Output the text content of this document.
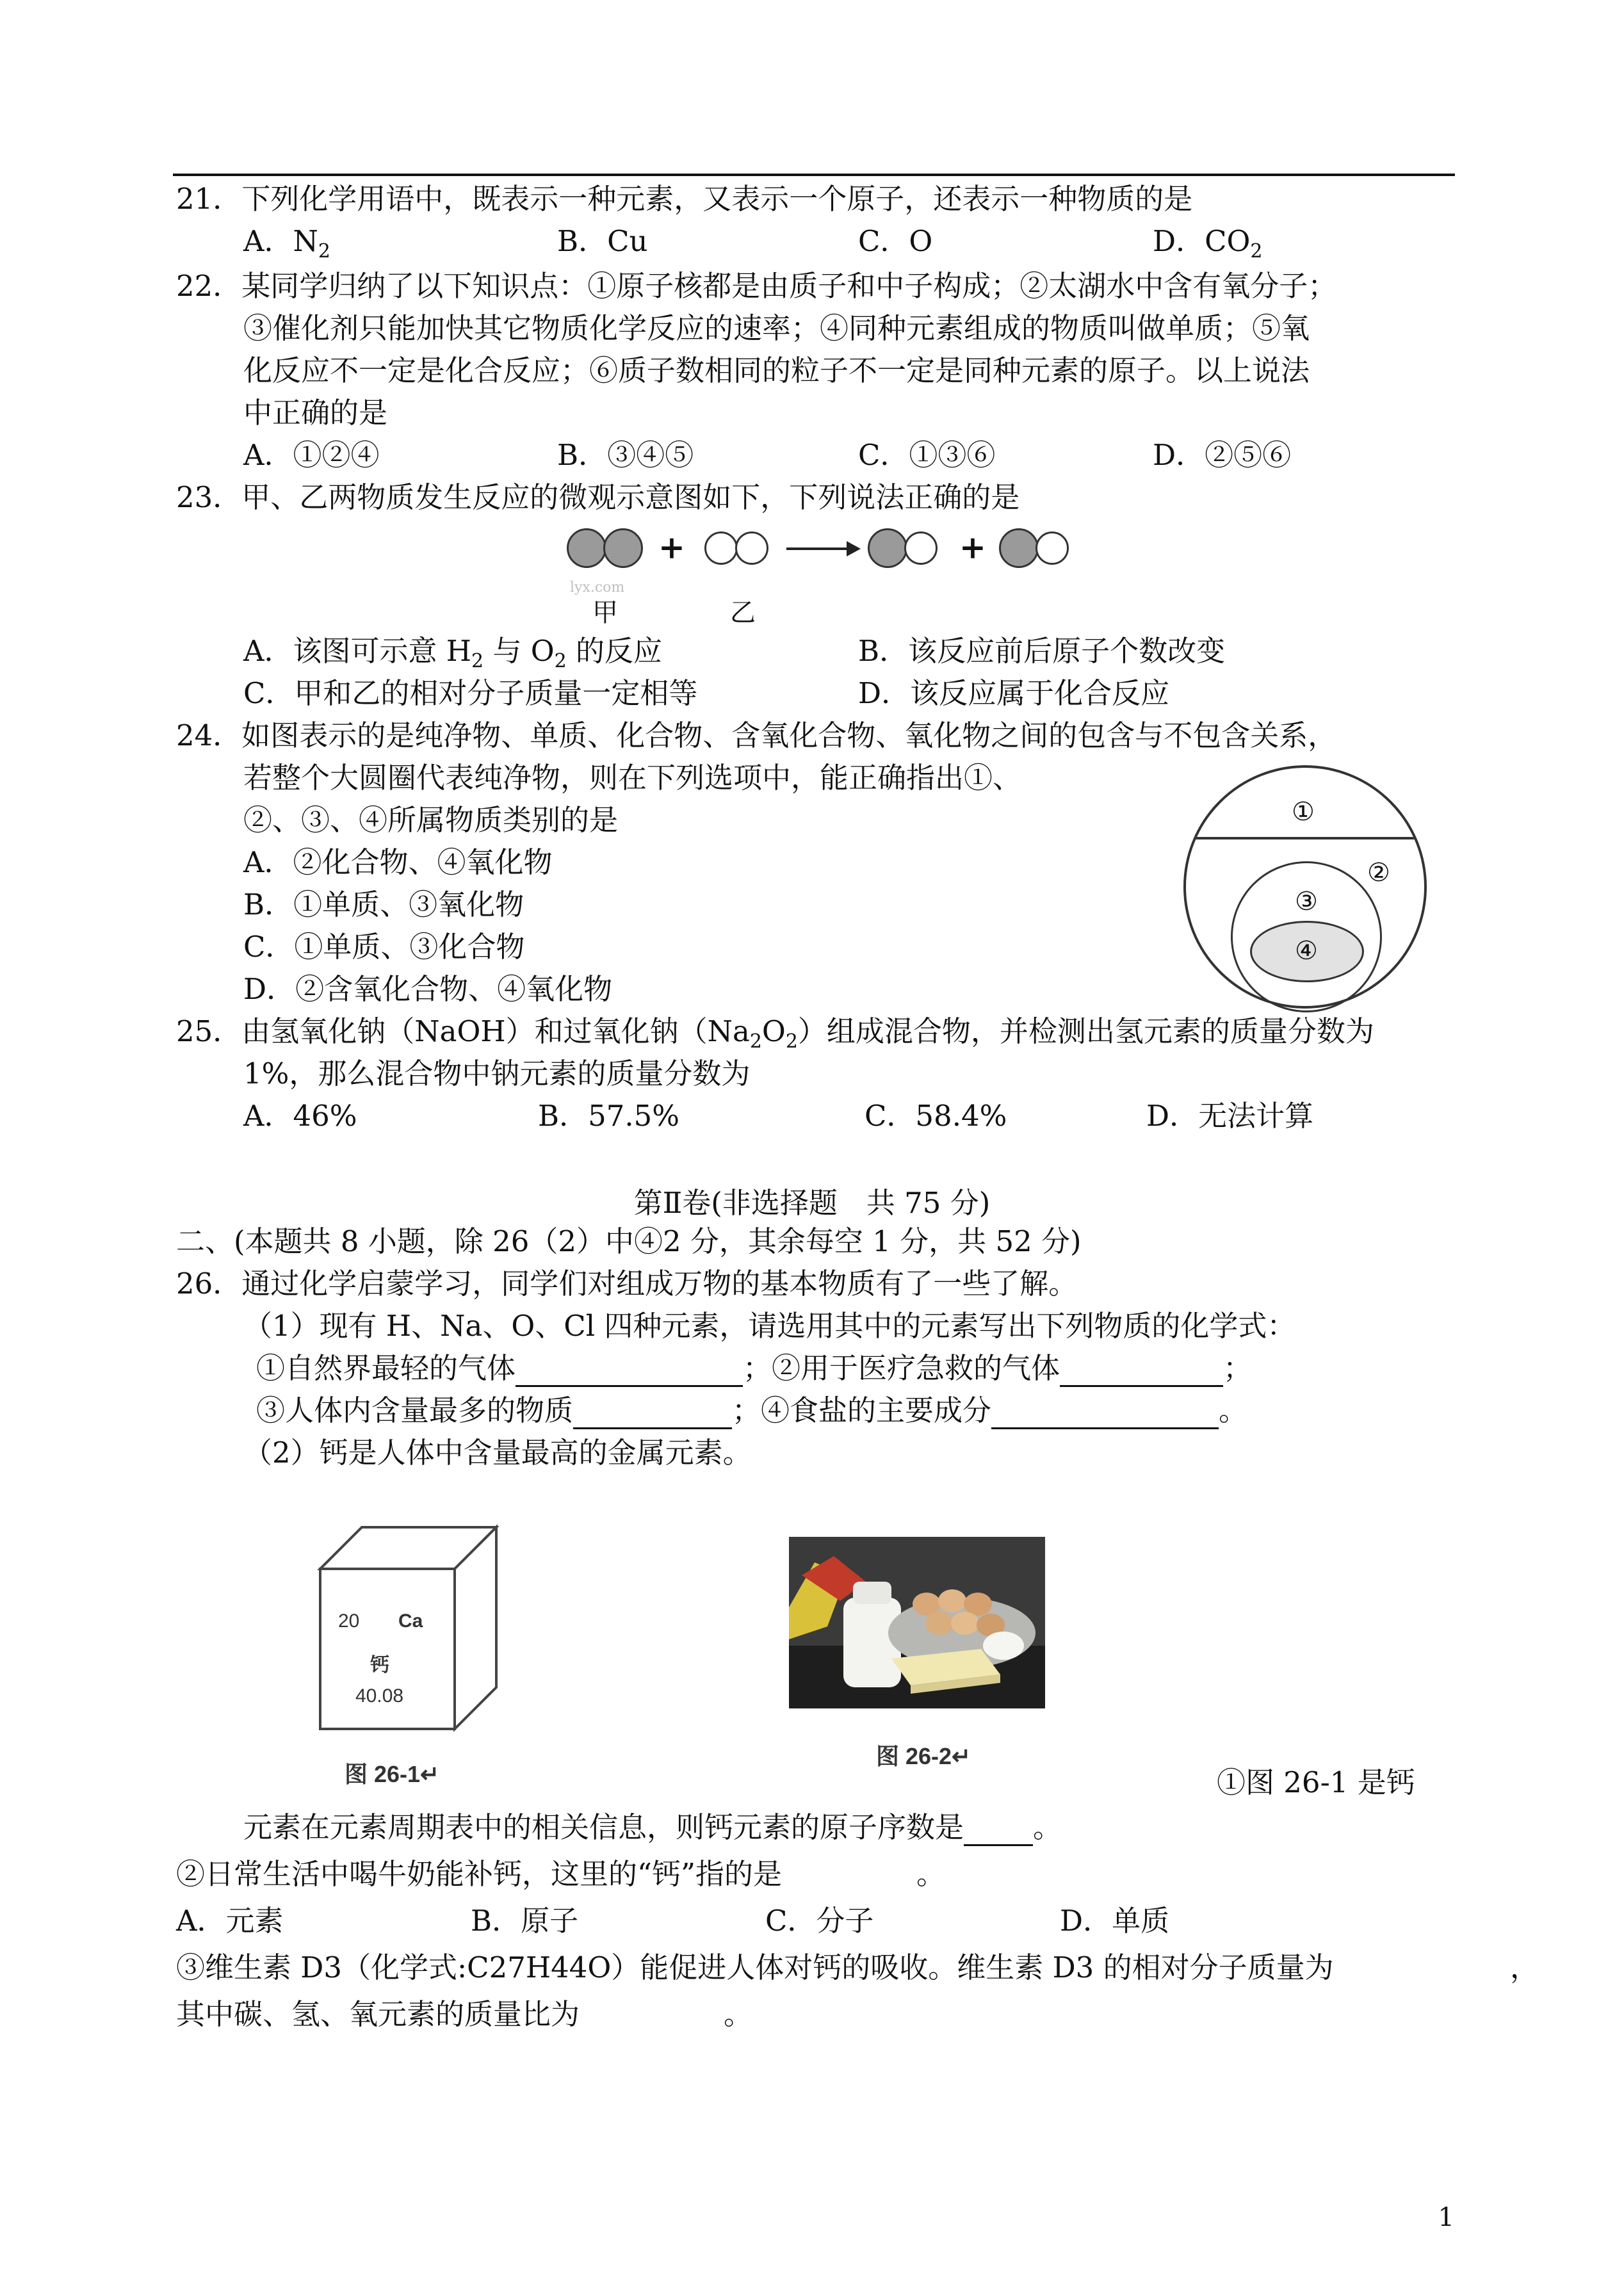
21．下列化学用语中，既表示一种元素，又表示一个原子，还表示一种物质的是
A．$N_2$	B．Cu	C．O	D．$CO_2$
22．某同学归纳了以下知识点：①原子核都是由质子和中子构成；②太湖水中含有氧分子；
③催化剂只能加快其它物质化学反应的速率；④同种元素组成的物质叫做单质；⑤氧
化反应不一定是化合反应；⑥质子数相同的粒子不一定是同种元素的原子。以上说法
中正确的是
A．①②④	B．③④⑤	C．①③⑥	D．②⑤⑥
23．甲、乙两物质发生反应的微观示意图如下，下列说法正确的是
+	+
lyx.com
甲	乙
A．该图可示意 $H_2$ 与 $O_2$ 的反应	B．该反应前后原子个数改变
C．甲和乙的相对分子质量一定相等	D．该反应属于化合反应
24．如图表示的是纯净物、单质、化合物、含氧化合物、氧化物之间的包含与不包含关系，
若整个大圆圈代表纯净物，则在下列选项中，能正确指出①、
②、③、④所属物质类别的是
A．②化合物、④氧化物
B．①单质、③氧化物
C．①单质、③化合物
D．②含氧化合物、④氧化物
①
②
③
④
25．由氢氧化钠（NaOH）和过氧化钠$(Na_2O_2)$组成混合物，并检测出氢元素的质量分数为
1%，那么混合物中钠元素的质量分数为
A．46%	B．57.5%	C．58.4%	D．无法计算
第Ⅱ卷(非选择题　共 75 分)
二、(本题共 8 小题，除 26（2）中④2 分，其余每空 1 分，共 52 分)
26．通过化学启蒙学习，同学们对组成万物的基本物质有了一些了解。
（1）现有 H、Na、O、Cl 四种元素，请选用其中的元素写出下列物质的化学式：
①自然界最轻的气体	；②用于医疗急救的气体	；
③人体内含量最多的物质	；④食盐的主要成分	。
（2）钙是人体中含量最高的金属元素。
20 Ca
钙
40.08
图 26-1↵
图 26-2↵
①图 26-1 是钙
元素在元素周期表中的相关信息，则钙元素的原子序数是 。
②日常生活中喝牛奶能补钙，这里的“钙”指的是	。
A．元素	B．原子	C．分子	D．单质
③维生素 D3（化学式:C27H44O）能促进人体对钙的吸收。维生素 D3 的相对分子质量为	，
其中碳、氢、氧元素的质量比为	。
1
